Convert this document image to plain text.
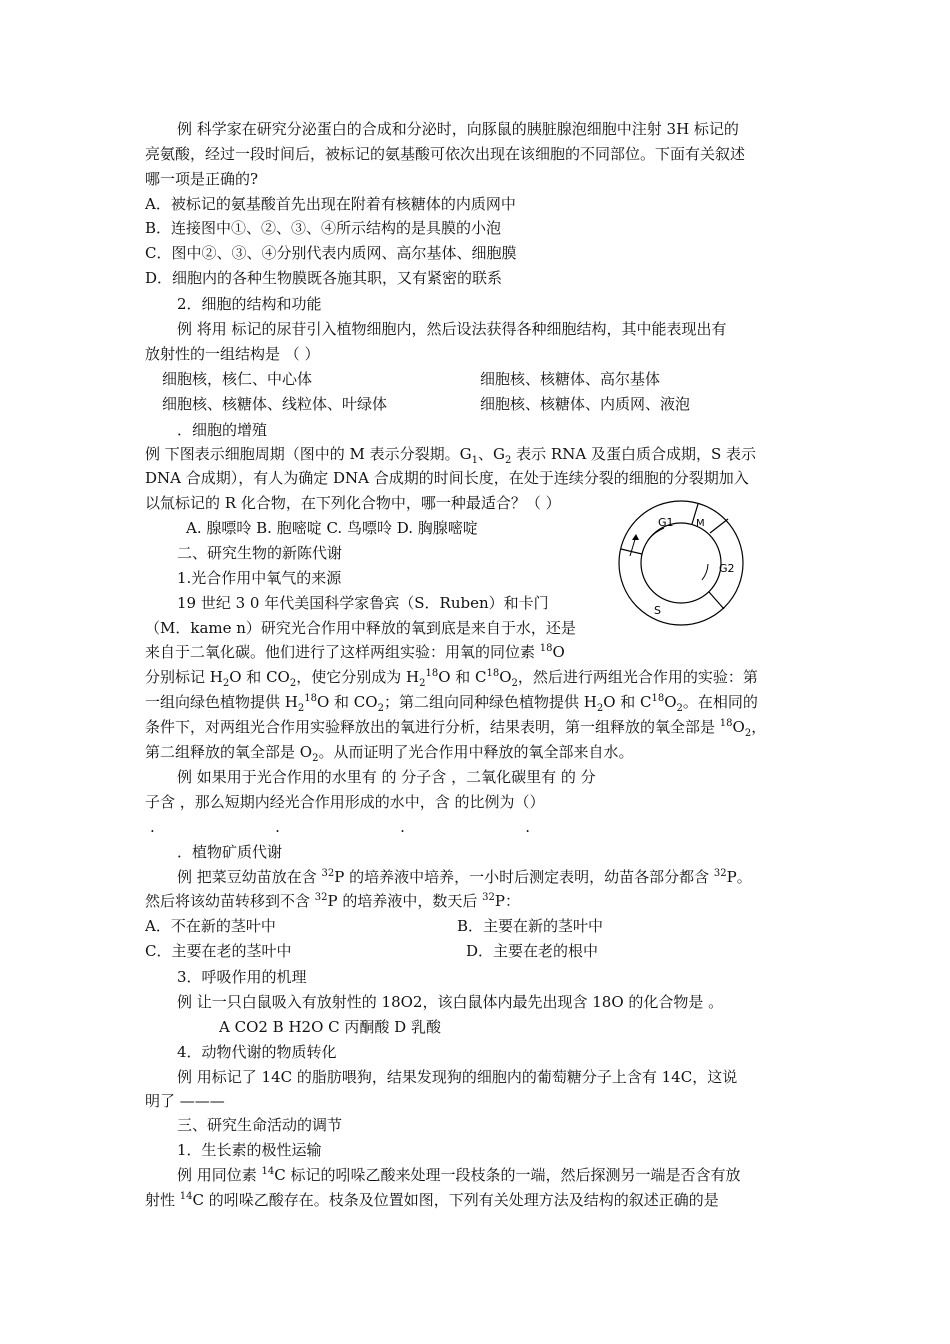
例 科学家在研究分泌蛋白的合成和分泌时，向豚鼠的胰脏腺泡细胞中注射 3H 标记的
亮氨酸，经过一段时间后，被标记的氨基酸可依次出现在该细胞的不同部位。下面有关叙述
哪一项是正确的?
A．被标记的氨基酸首先出现在附着有核糖体的内质网中
B．连接图中①、②、③、④所示结构的是具膜的小泡
C．图中②、③、④分别代表内质网、高尔基体、细胞膜
D．细胞内的各种生物膜既各施其职，又有紧密的联系
2．细胞的结构和功能
例 将用 标记的尿苷引入植物细胞内，然后设法获得各种细胞结构，其中能表现出有
放射性的一组结构是 （ ）
细胞核，核仁、中心体	细胞核、核糖体、高尔基体
细胞核、核糖体、线粒体、叶绿体	细胞核、核糖体、内质网、液泡
．细胞的增殖
例 下图表示细胞周期（图中的 M 表示分裂期。$G_1$、$G_2$ 表示 RNA 及蛋白质合成期，S 表示
DNA 合成期），有人为确定 DNA 合成期的时间长度，在处于连续分裂的细胞的分裂期加入
以氚标记的 R 化合物，在下列化合物中，哪一种最适合？（ ）
A. 腺嘌呤 B. 胞嘧啶 C. 鸟嘌呤 D. 胸腺嘧啶
二、研究生物的新陈代谢
1.光合作用中氧气的来源
19 世纪 3 0 年代美国科学家鲁宾（S．Ruben）和卡门
（M．kame n）研究光合作用中释放的氧到底是来自于水，还是
来自于二氧化碳。他们进行了这样两组实验：用氧的同位素 $^{18}$O
分别标记 $H_2O$ 和 $CO_2$，使它分别成为 $H_2^{18}O$ 和 $C^{18}O_2$，然后进行两组光合作用的实验：第
一组向绿色植物提供 $H_2^{18}O$ 和 $CO_2$；第二组向同种绿色植物提供 $H_2O$ 和 $C^{18}O_2$。在相同的
条件下，对两组光合作用实验释放出的氧进行分析，结果表明，第一组释放的氧全部是 $^{18}O_2$，
第二组释放的氧全部是 $O_2$。从而证明了光合作用中释放的氧全部来自水。
例 如果用于光合作用的水里有 的 分子含 ，二氧化碳里有 的 分
子含 ，那么短期内经光合作用形成的水中，含 的比例为（）
.	.	.	.
．植物矿质代谢
例 把菜豆幼苗放在含 $^{32}$P 的培养液中培养，一小时后测定表明，幼苗各部分都含 $^{32}$P。
然后将该幼苗转移到不含 $^{32}$P 的培养液中，数天后 $^{32}$P：
A．不在新的茎叶中	B．主要在新的茎叶中
C．主要在老的茎叶中	D．主要在老的根中
3．呼吸作用的机理
例 让一只白鼠吸入有放射性的 18O2，该白鼠体内最先出现含 18O 的化合物是 。
A CO2 B H2O C 丙酮酸 D 乳酸
4．动物代谢的物质转化
例 用标记了 14C 的脂肪喂狗，结果发现狗的细胞内的葡萄糖分子上含有 14C，这说
明了 ———
三、研究生命活动的调节
1．生长素的极性运输
例 用同位素 $^{14}$C 标记的吲哚乙酸来处理一段枝条的一端，然后探测另一端是否含有放
射性 $^{14}$C 的吲哚乙酸存在。枝条及位置如图，下列有关处理方法及结构的叙述正确的是
G1 M
G2
S
